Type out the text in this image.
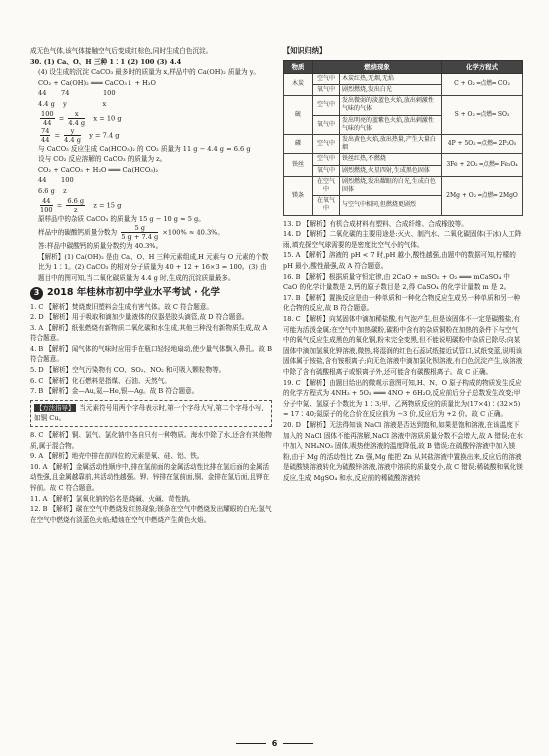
成无色气体,该气体接触空气后变成红棕色,同时生成白色沉淀。

30. (1) Ca、O、H 三种 1∶1 (2) 100 (3) 4.4

(4) 设生成的沉淀 CaCO₃ 最多时的质量为 x,样品中的 Ca(OH)₂ 质量为 y。

CO₂ + Ca(OH)₂ ═══ CaCO₃↓ + H₂O

44       74                100

4.4 g    y                 x

$\frac{100}{44} = \frac{x}{4.4 g}$ x = 10 g
$\frac{74}{44} = \frac{y}{4.4 g}$ y = 7.4 g

与 CaCO₃ 反应生成 Ca(HCO₃)₂ 的 CO₂ 质量为 11 g − 4.4 g = 6.6 g

设与 CO₂ 反应溶解的 CaCO₃ 的质量为 z。

CO₂ + CaCO₃ + H₂O ═══ Ca(HCO₃)₂

44       100

6.6 g    z

$\frac{44}{100} = \frac{6.6 g}{z}$ z = 15 g

原样品中的杂质 CaCO₃ 的质量为 15 g − 10 g = 5 g。

样品中的碳酸钙质量分数为 $\frac{5 g}{5 g + 7.4 g} \times 100\% \approx 40.3\%$。

答:样品中碳酸钙的质量分数约为 40.3%。

【解析】(1) Ca(OH)₂ 是由 Ca、O、H 三种元素组成,H 元素与 O 元素的个数比为 1∶1。(2) CaCO₃ 的相对分子质量为 40 + 12 + 16×3 = 100。(3) 由题目中的图可知,当二氧化碳质量为 4.4 g 时,生成的沉淀质量最多。

3 2018 年桂林市初中学业水平考试 · 化学

1. C 【解析】焚烧废旧塑料会生成有害气体。故 C 符合题意。

2. D 【解析】用于吸取和滴加少量液体的仪器是胶头滴管,故 D 符合题意。

3. A 【解析】纸张燃烧有新物质二氧化碳和水生成,其他三种没有新物质生成,故 A 符合题意。

4. B 【解析】闻气体的气味时应用手在瓶口轻轻地扇动,使少量气体飘入鼻孔。故 B 符合题意。

5. D 【解析】空气污染物有 CO、SO₂、NO₂ 和可吸入颗粒物等。

6. C 【解析】化石燃料是指煤、石油、天然气。

7. B 【解析】金—Au,氦—He,银—Ag。故 B 符合题意。

【方法指导】 当元素符号用两个字母表示时,第一个字母大写,第二个字母小写,如铜 Cu。

8. C 【解析】铜、氯气、氯化钠中各自只有一种物质。海水中除了水,还含有其他物质,属于混合物。

9. A 【解析】地壳中排在前四位的元素是氧、硅、铝、铁。

10. A 【解析】金属活动性顺序中,排在氢前面的金属活动性比排在氢后面的金属活动性强,且金属越靠前,其活动性越强。钾、锌排在氢前面,铜、金排在氢后面,且钾在锌前。故 C 符合题意。

11. A 【解析】氯氧化钠的俗名是烧碱、火碱、苛性钠。

12. B 【解析】碳在空气中燃烧发红热现象;镁条在空气中燃烧发出耀眼的白光;氢气在空气中燃烧有淡蓝色火焰;蜡烛在空气中燃烧产生黄色火焰。

【知识归纳】
物质	燃烧现象		化学方程式
木炭	空气中	木炭红热,无烟,无焰	C + O₂ ═点燃═ CO₂
	氧气中	剧烈燃烧,发出白光	
硫	空气中	发出微弱的淡蓝色火焰,放出刺激性气味的气体	S + O₂ ═点燃═ SO₂
	氧气中	发出明亮的蓝紫色火焰,放出刺激性气味的气体	
磷	空气中	发出黄色火焰,放出热量,产生大量白烟	4P + 5O₂ ═点燃═ 2P₂O₅
铁丝	空气中	铁丝红热,不燃烧	3Fe + 2O₂ ═点燃═ Fe₃O₄
	氧气中	剧烈燃烧,火星四射,生成黑色固体	
镁条	在空气中	剧烈燃烧,发出耀眼的白光,生成白色固体	2Mg + O₂ ═点燃═ 2MgO
	在氧气中	与空气中相同,但燃烧更剧烈	

13. D 【解析】有机合成材料有塑料、合成纤维、合成橡胶等。

14. D 【解析】二氧化碳的主要用途是:灭火、制汽水、二氧化碳固体(干冰)人工降雨,填充探空气球需要的是密度比空气小的气体。

15. A 【解析】溶液的 pH < 7 时,pH 越小,酸性越强,由题中的数据可知,柠檬的 pH 最小,酸性最强,故 A 符合题意。

16. B 【解析】根据质量守恒定律,由 2CaO + mSO₂ + O₂ ═══ mCaSO₄ 中 CaO 的化学计量数是 2,钙的原子数目是 2,得 CaSO₄ 的化学计量数 m 是 2。

17. B 【解析】置换反应是由一种单质和一种化合物反应生成另一种单质和另一种化合物的反应,故 B 符合题意。

18. C 【解析】向某固体中滴加稀盐酸,有气泡产生,但是该固体不一定是碳酸盐,有可能为活泼金属;在空气中加热碳粉,碳粉中含有的杂质铜粉在加热的条件下与空气中的氧气反应生成黑色的氧化铜,粉末完全变黑,但不能说明碳粉中杂质已除尽;向某固体中滴加氢氧化钾溶液,微热,将湿润的红色石蕊试纸接近试管口,试纸变蓝,说明该固体属于铵盐,含有铵根离子;向无色溶液中滴加氯化钡溶液,有白色沉淀产生,该溶液中除了含有硫酸根离子或银离子外,还可能含有碳酸根离子。故 C 正确。

19. C 【解析】由题目给出的微观示意图可知,H、N、O 原子构成的物质发生反应的化学方程式为 4NH₃ + 5O₂ ═══ 4NO + 6H₂O,反应前后分子总数发生改变;甲分子中氮、氢原子个数比为 1∶3;甲、乙两物质反应的质量比为(17×4)∶(32×5) = 17∶40;氮原子的化合价在反应前为 −3 价,反应后为 +2 价。故 C 正确。

20. D 【解析】无法得知该 NaCl 溶液是否达到饱和,如果是饱和溶液,在该温度下加入的 NaCl 固体不能再溶解,NaCl 溶液中溶质质量分数不会增大,故 A 错误;在水中加入 NH₄NO₃ 固体,吸热使溶液的温度降低,故 B 错误;在硫酸锌溶液中加入镁粉,由于 Mg 的活动性比 Zn 强,Mg 能把 Zn 从其盐溶液中置换出来,反应后的溶液是硫酸镁溶液转化为硫酸锌溶液,溶液中溶质的质量变小,故 C 错误;稀硫酸和氧化镁反应,生成 MgSO₄ 和水,反应前的稀硫酸溶液转

6
